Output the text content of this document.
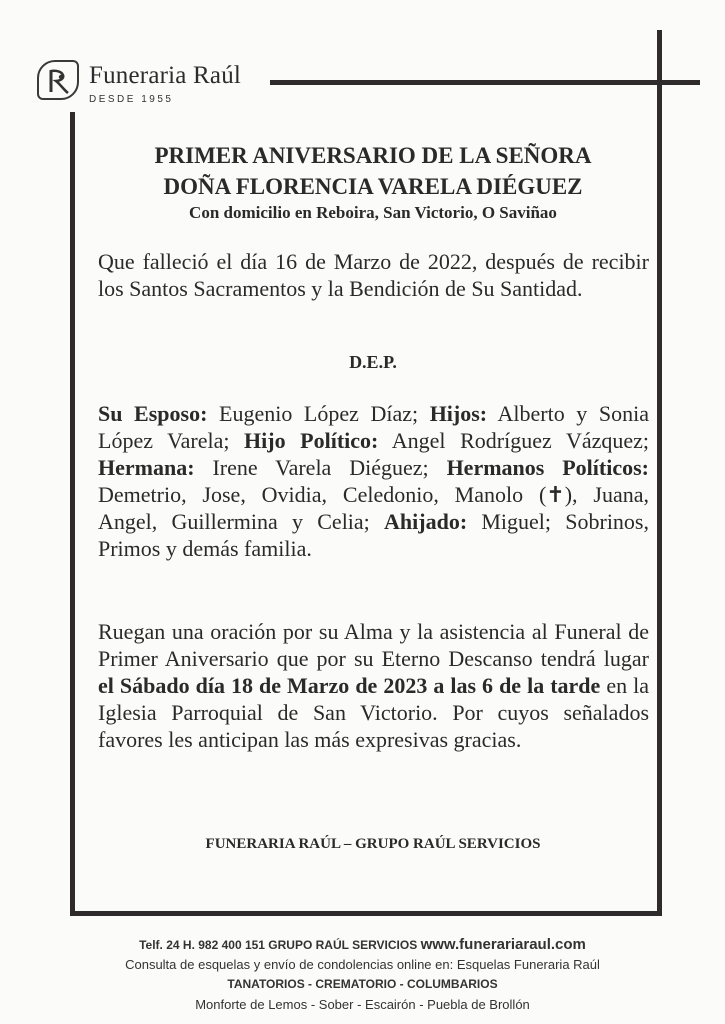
Funeraria Raúl
DESDE 1955
PRIMER ANIVERSARIO DE LA SEÑORA
DOÑA FLORENCIA VARELA DIÉGUEZ
Con domicilio en Reboira, San Victorio, O Saviñao
Que falleció el día 16 de Marzo de 2022, después de recibir los Santos Sacramentos y la Bendición de Su Santidad.
D.E.P.
Su Esposo: Eugenio López Díaz; Hijos: Alberto y Sonia López Varela; Hijo Político: Angel Rodríguez Vázquez; Hermana: Irene Varela Diéguez; Hermanos Políticos: Demetrio, Jose, Ovidia, Celedonio, Manolo (✝), Juana, Angel, Guillermina y Celia; Ahijado: Miguel; Sobrinos, Primos y demás familia.
Ruegan una oración por su Alma y la asistencia al Funeral de Primer Aniversario que por su Eterno Descanso tendrá lugar el Sábado día 18 de Marzo de 2023 a las 6 de la tarde en la Iglesia Parroquial de San Victorio. Por cuyos señalados favores les anticipan las más expresivas gracias.
FUNERARIA RAÚL – GRUPO RAÚL SERVICIOS
Telf. 24 H. 982 400 151 GRUPO RAÚL SERVICIOS www.funerariaraul.com
Consulta de esquelas y envío de condolencias online en: Esquelas Funeraria Raúl
TANATORIOS - CREMATORIO - COLUMBARIOS
Monforte de Lemos - Sober - Escairón - Puebla de Brollón
